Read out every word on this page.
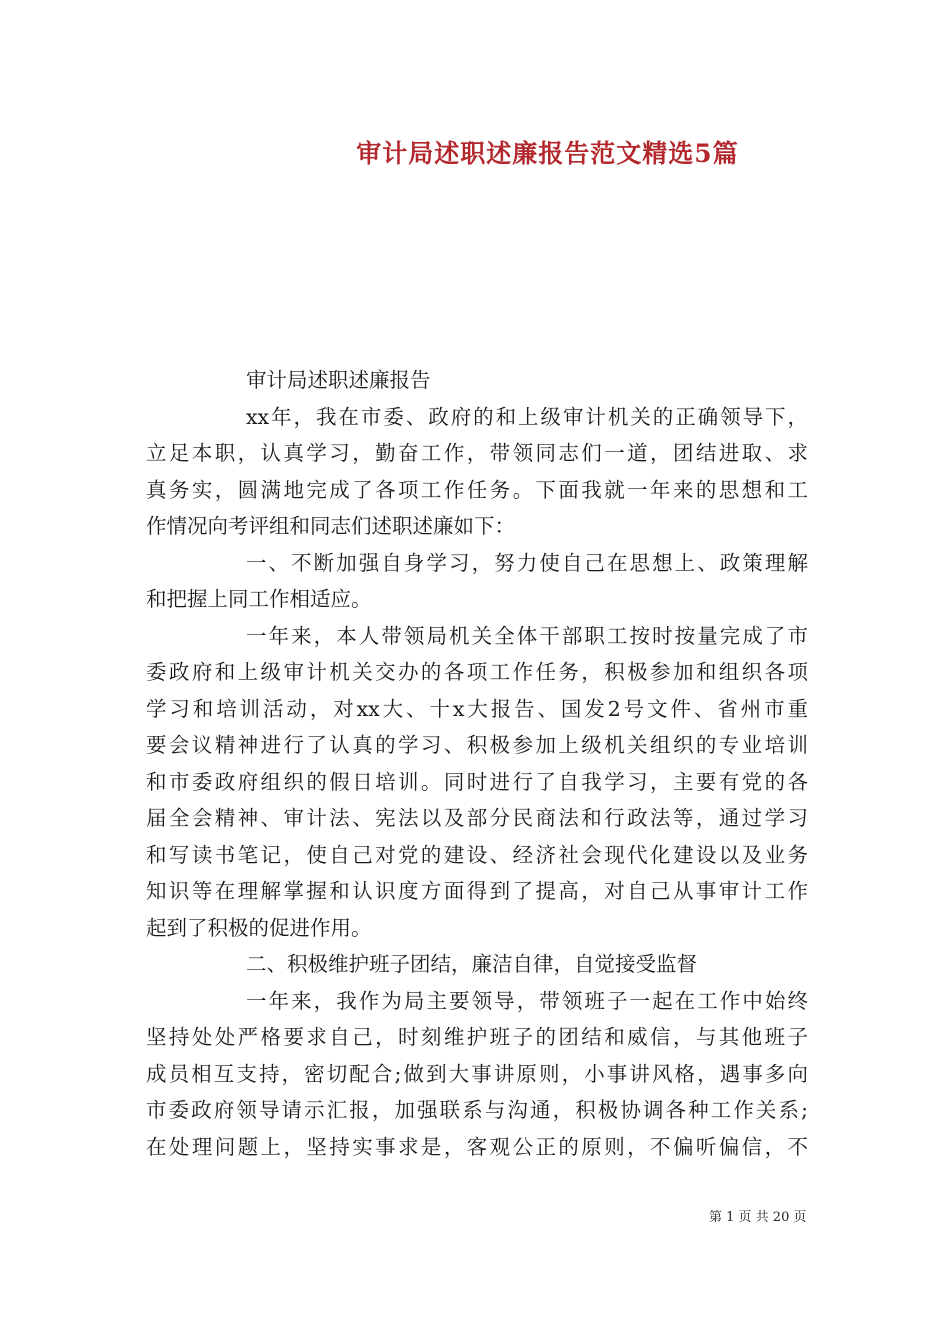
审计局述职述廉报告范文精选5篇
审计局述职述廉报告
xx年，我在市委、政府的和上级审计机关的正确领导下，
立足本职，认真学习，勤奋工作，带领同志们一道，团结进取、求
真务实，圆满地完成了各项工作任务。下面我就一年来的思想和工
作情况向考评组和同志们述职述廉如下：
一、不断加强自身学习，努力使自己在思想上、政策理解
和把握上同工作相适应。
一年来，本人带领局机关全体干部职工按时按量完成了市
委政府和上级审计机关交办的各项工作任务，积极参加和组织各项
学习和培训活动，对xx大、十x大报告、国发2号文件、省州市重
要会议精神进行了认真的学习、积极参加上级机关组织的专业培训
和市委政府组织的假日培训。同时进行了自我学习，主要有党的各
届全会精神、审计法、宪法以及部分民商法和行政法等，通过学习
和写读书笔记，使自己对党的建设、经济社会现代化建设以及业务
知识等在理解掌握和认识度方面得到了提高，对自己从事审计工作
起到了积极的促进作用。
二、积极维护班子团结，廉洁自律，自觉接受监督
一年来，我作为局主要领导，带领班子一起在工作中始终
坚持处处严格要求自己，时刻维护班子的团结和威信，与其他班子
成员相互支持，密切配合;做到大事讲原则，小事讲风格，遇事多向
市委政府领导请示汇报，加强联系与沟通，积极协调各种工作关系;
在处理问题上，坚持实事求是，客观公正的原则，不偏听偏信，不
第 1 页 共 20 页
